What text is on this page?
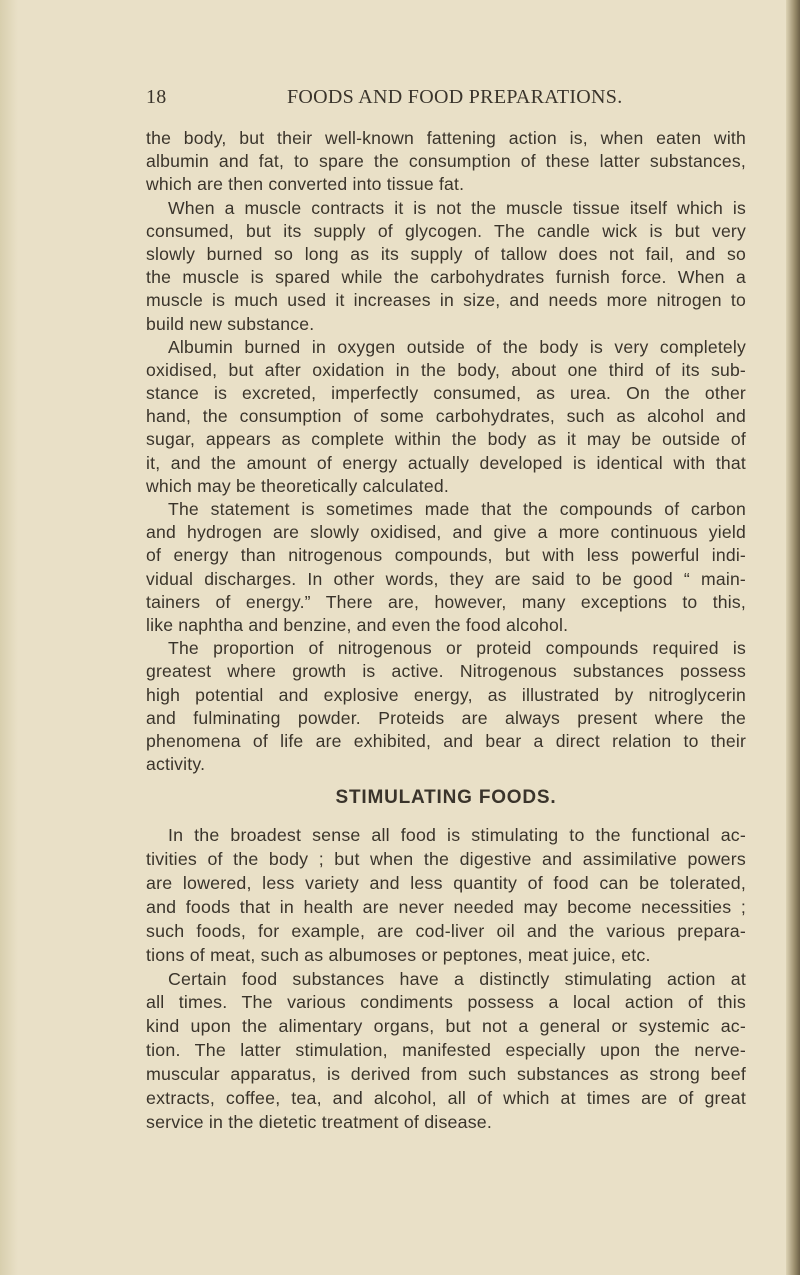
18	FOODS AND FOOD PREPARATIONS.
the body, but their well-known fattening action is, when eaten with
albumin and fat, to spare the consumption of these latter substances,
which are then converted into tissue fat.
When a muscle contracts it is not the muscle tissue itself which is
consumed, but its supply of glycogen. The candle wick is but very
slowly burned so long as its supply of tallow does not fail, and so
the muscle is spared while the carbohydrates furnish force. When a
muscle is much used it increases in size, and needs more nitrogen to
build new substance.
Albumin burned in oxygen outside of the body is very completely
oxidised, but after oxidation in the body, about one third of its sub-
stance is excreted, imperfectly consumed, as urea. On the other
hand, the consumption of some carbohydrates, such as alcohol and
sugar, appears as complete within the body as it may be outside of
it, and the amount of energy actually developed is identical with that
which may be theoretically calculated.
The statement is sometimes made that the compounds of carbon
and hydrogen are slowly oxidised, and give a more continuous yield
of energy than nitrogenous compounds, but with less powerful indi-
vidual discharges. In other words, they are said to be good “ main-
tainers of energy.” There are, however, many exceptions to this,
like naphtha and benzine, and even the food alcohol.
The proportion of nitrogenous or proteid compounds required is
greatest where growth is active. Nitrogenous substances possess
high potential and explosive energy, as illustrated by nitroglycerin
and fulminating powder. Proteids are always present where the
phenomena of life are exhibited, and bear a direct relation to their
activity.
STIMULATING FOODS.
In the broadest sense all food is stimulating to the functional ac-
tivities of the body ; but when the digestive and assimilative powers
are lowered, less variety and less quantity of food can be tolerated,
and foods that in health are never needed may become necessities ;
such foods, for example, are cod-liver oil and the various prepara-
tions of meat, such as albumoses or peptones, meat juice, etc.
Certain food substances have a distinctly stimulating action at
all times. The various condiments possess a local action of this
kind upon the alimentary organs, but not a general or systemic ac-
tion. The latter stimulation, manifested especially upon the nerve-
muscular apparatus, is derived from such substances as strong beef
extracts, coffee, tea, and alcohol, all of which at times are of great
service in the dietetic treatment of disease.
